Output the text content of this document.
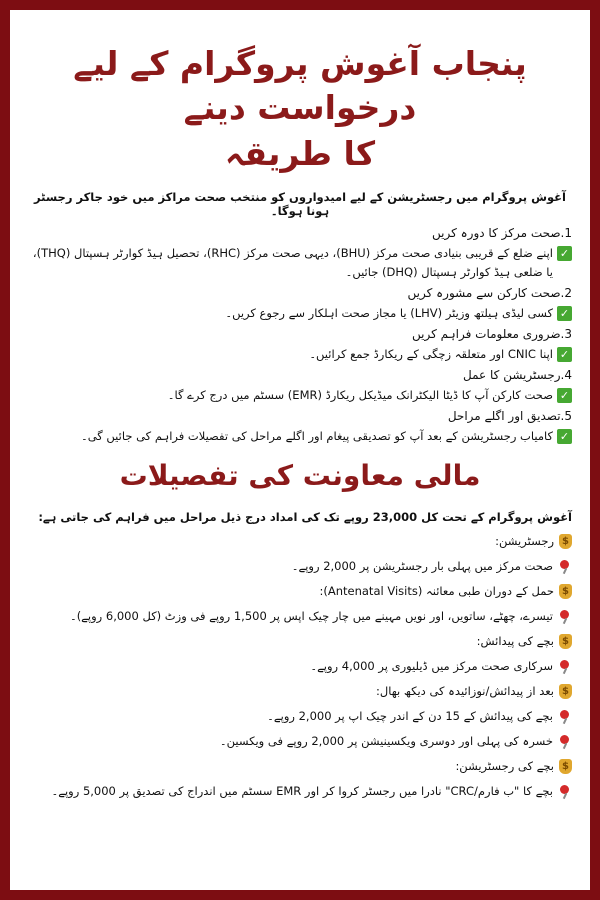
پنجاب آغوش پروگرام کے لیے درخواست دینے
کا طریقہ
آغوش پروگرام میں رجسٹریشن کے لیے امیدواروں کو منتخب صحت مراکز میں خود جاکر رجسٹر ہونا ہوگا۔
1.صحت مرکز کا دورہ کریں
✓
اپنے ضلع کے قریبی بنیادی صحت مرکز (BHU)، دیہی صحت مرکز (RHC)، تحصیل ہیڈ کوارٹر ہسپتال (THQ)، یا ضلعی ہیڈ کوارٹر ہسپتال (DHQ) جائیں۔
2.صحت کارکن سے مشورہ کریں
✓
کسی لیڈی ہیلتھ وزیٹر (LHV) یا مجاز صحت اہلکار سے رجوع کریں۔
3.ضروری معلومات فراہم کریں
✓
اپنا CNIC اور متعلقہ زچگی کے ریکارڈ جمع کرائیں۔
4.رجسٹریشن کا عمل
✓
صحت کارکن آپ کا ڈیٹا الیکٹرانک میڈیکل ریکارڈ (EMR) سسٹم میں درج کرے گا۔
5.تصدیق اور اگلے مراحل
✓
کامیاب رجسٹریشن کے بعد آپ کو تصدیقی پیغام اور اگلے مراحل کی تفصیلات فراہم کی جائیں گی۔
مالی معاونت کی تفصیلات
آغوش پروگرام کے تحت کل 23,000 روپے تک کی امداد درج ذیل مراحل میں فراہم کی جاتی ہے:
$
رجسٹریشن:
صحت مرکز میں پہلی بار رجسٹریشن پر 2,000 روپے۔
$
حمل کے دوران طبی معائنہ (Antenatal Visits):
تیسرے، چھٹے، ساتویں، اور نویں مہینے میں چار چیک اپس پر 1,500 روپے فی وزٹ (کل 6,000 روپے)۔
$
بچے کی پیدائش:
سرکاری صحت مرکز میں ڈیلیوری پر 4,000 روپے۔
$
بعد از پیدائش/نوزائیدہ کی دیکھ بھال:
بچے کی پیدائش کے 15 دن کے اندر چیک اپ پر 2,000 روپے۔
خسرہ کی پہلی اور دوسری ویکسینیشن پر 2,000 روپے فی ویکسین۔
$
بچے کی رجسٹریشن:
بچے کا "ب فارم/CRC" نادرا میں رجسٹر کروا کر اور EMR سسٹم میں اندراج کی تصدیق پر 5,000 روپے۔
